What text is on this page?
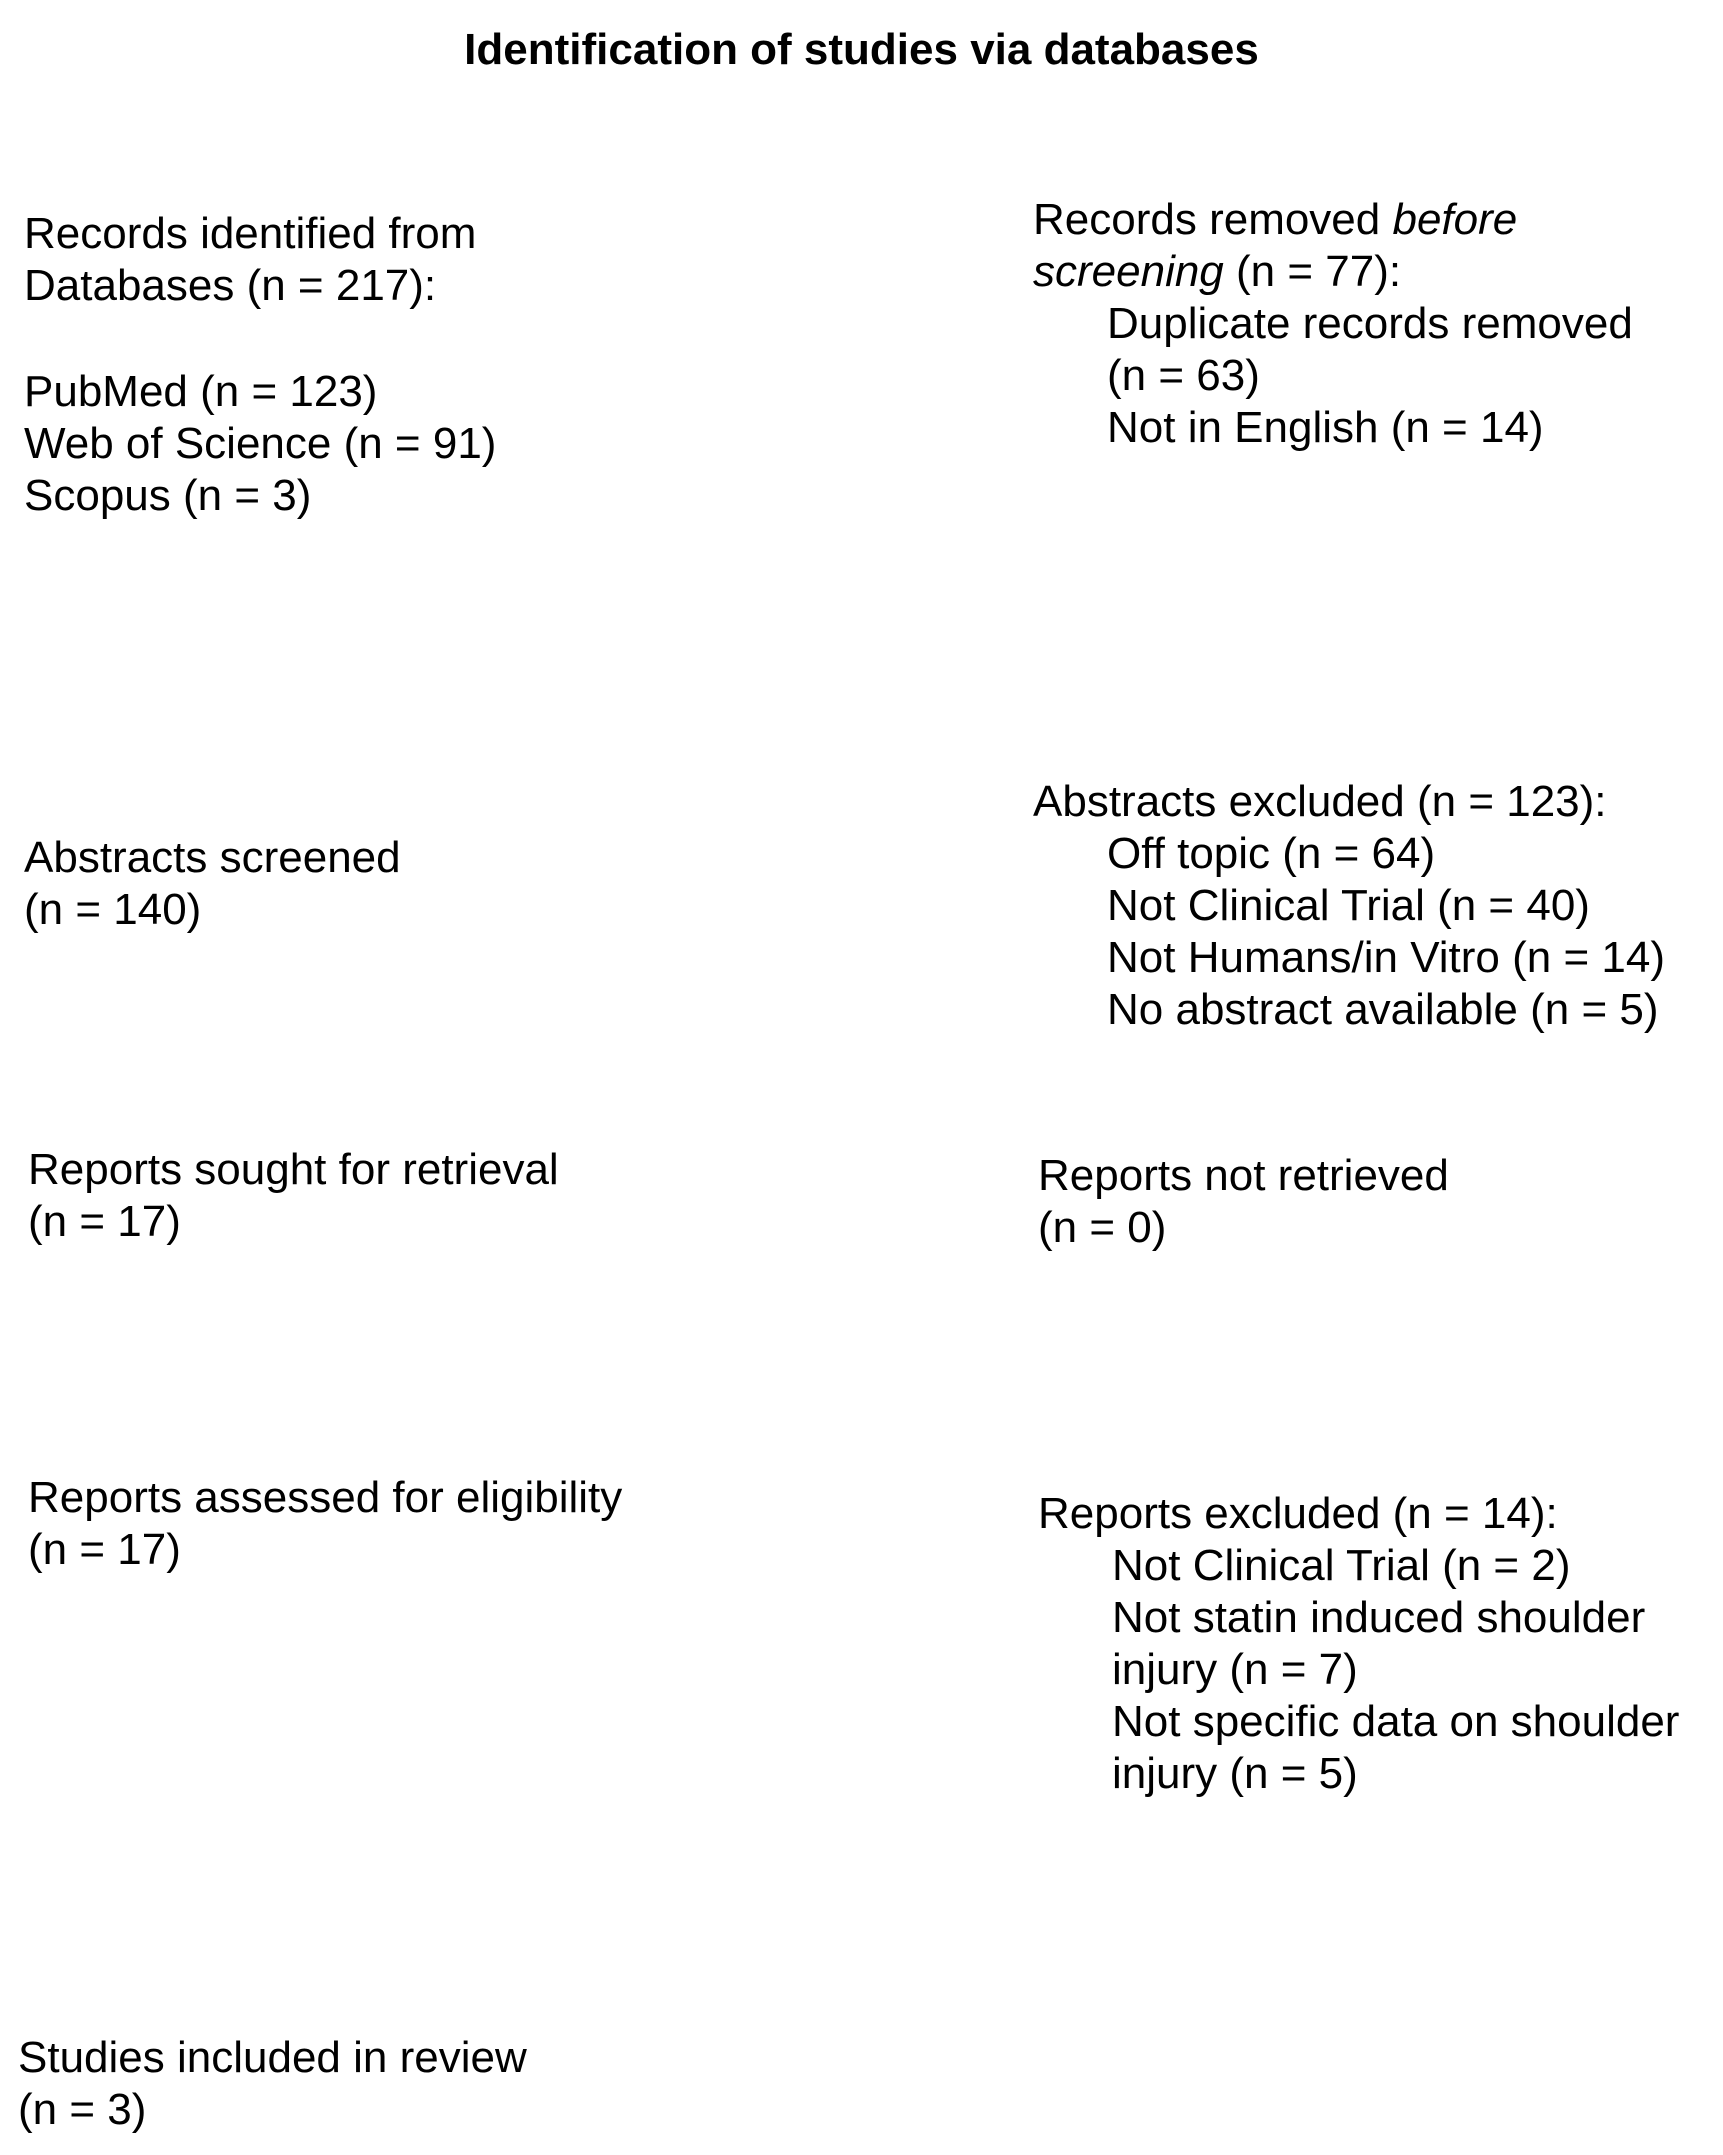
Identification of studies via databases
Records identified from
Databases (n = 217):
PubMed (n = 123)
Web of Science (n = 91)
Scopus (n = 3)
Records removed before
screening (n = 77):
Duplicate records removed
(n = 63)
Not in English (n = 14)
Abstracts screened
(n = 140)
Abstracts excluded (n = 123):
Off topic (n = 64)
Not Clinical Trial (n = 40)
Not Humans/in Vitro (n = 14)
No abstract available (n = 5)
Reports sought for retrieval
(n = 17)
Reports not retrieved
(n = 0)
Reports assessed for eligibility
(n = 17)
Reports excluded (n = 14):
Not Clinical Trial (n = 2)
Not statin induced shoulder
injury (n = 7)
Not specific data on shoulder
injury (n = 5)
Studies included in review
(n = 3)
